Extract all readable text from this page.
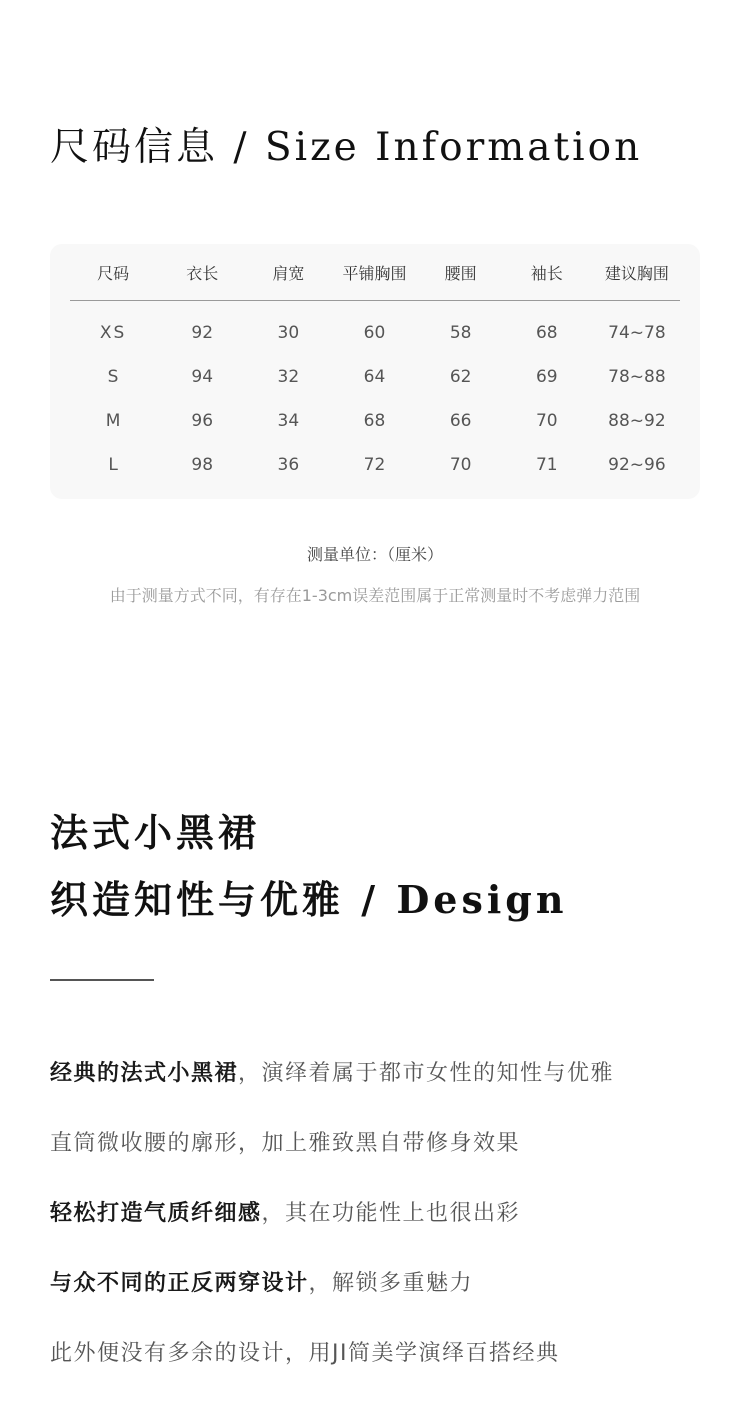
尺码信息 / Size Information
尺码	衣长	肩宽	平铺胸围	腰围	袖长	建议胸围
XS	92	30	60	58	68	74~78
S	94	32	64	62	69	78~88
M	96	34	68	66	70	88~92
L	98	36	72	70	71	92~96
测量单位：（厘米）
由于测量方式不同，有存在1-3cm误差范围属于正常测量时不考虑弹力范围
法式小黑裙
织造知性与优雅 / Design

经典的法式小黑裙，演绎着属于都市女性的知性与优雅

直筒微收腰的廓形，加上雅致黑自带修身效果

轻松打造气质纤细感，其在功能性上也很出彩

与众不同的正反两穿设计，解锁多重魅力

此外便没有多余的设计，用JI简美学演绎百搭经典
